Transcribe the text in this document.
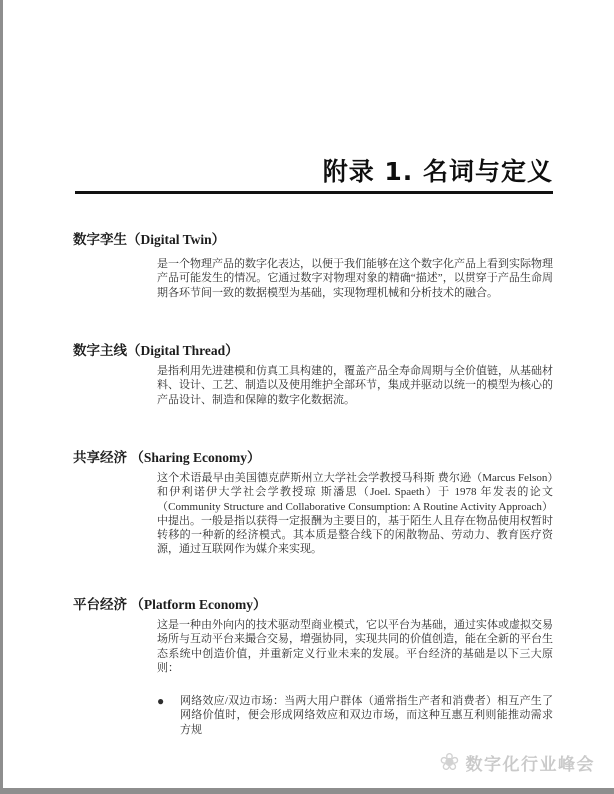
附录 1. 名词与定义
数字孪生（Digital Twin）
是一个物理产品的数字化表达，以便于我们能够在这个数字化产品上看到实际物理产品可能发生的情况。它通过数字对物理对象的精确“描述”，以贯穿于产品生命周期各环节间一致的数据模型为基础，实现物理机械和分析技术的融合。
数字主线（Digital Thread）
是指利用先进建模和仿真工具构建的，覆盖产品全寿命周期与全价值链，从基础材料、设计、工艺、制造以及使用维护全部环节，集成并驱动以统一的模型为核心的产品设计、制造和保障的数字化数据流。
共享经济 （Sharing Economy）
这个术语最早由美国德克萨斯州立大学社会学教授马科斯 费尔逊（Marcus Felson）和伊利诺伊大学社会学教授琼 斯潘思（Joel. Spaeth）于 1978 年发表的论文（Community Structure and Collaborative Consumption: A Routine Activity Approach）中提出。一般是指以获得一定报酬为主要目的，基于陌生人且存在物品使用权暂时转移的一种新的经济模式。其本质是整合线下的闲散物品、劳动力、教育医疗资源，通过互联网作为媒介来实现。
平台经济 （Platform Economy）
这是一种由外向内的技术驱动型商业模式，它以平台为基础，通过实体或虚拟交易场所与互动平台来撮合交易，增强协同，实现共同的价值创造，能在全新的平台生态系统中创造价值，并重新定义行业未来的发展。平台经济的基础是以下三大原则：
●	网络效应/双边市场：当两大用户群体（通常指生产者和消费者）相互产生了网络价值时，便会形成网络效应和双边市场，而这种互惠互利则能推动需求方规
❀ 数字化行业峰会
